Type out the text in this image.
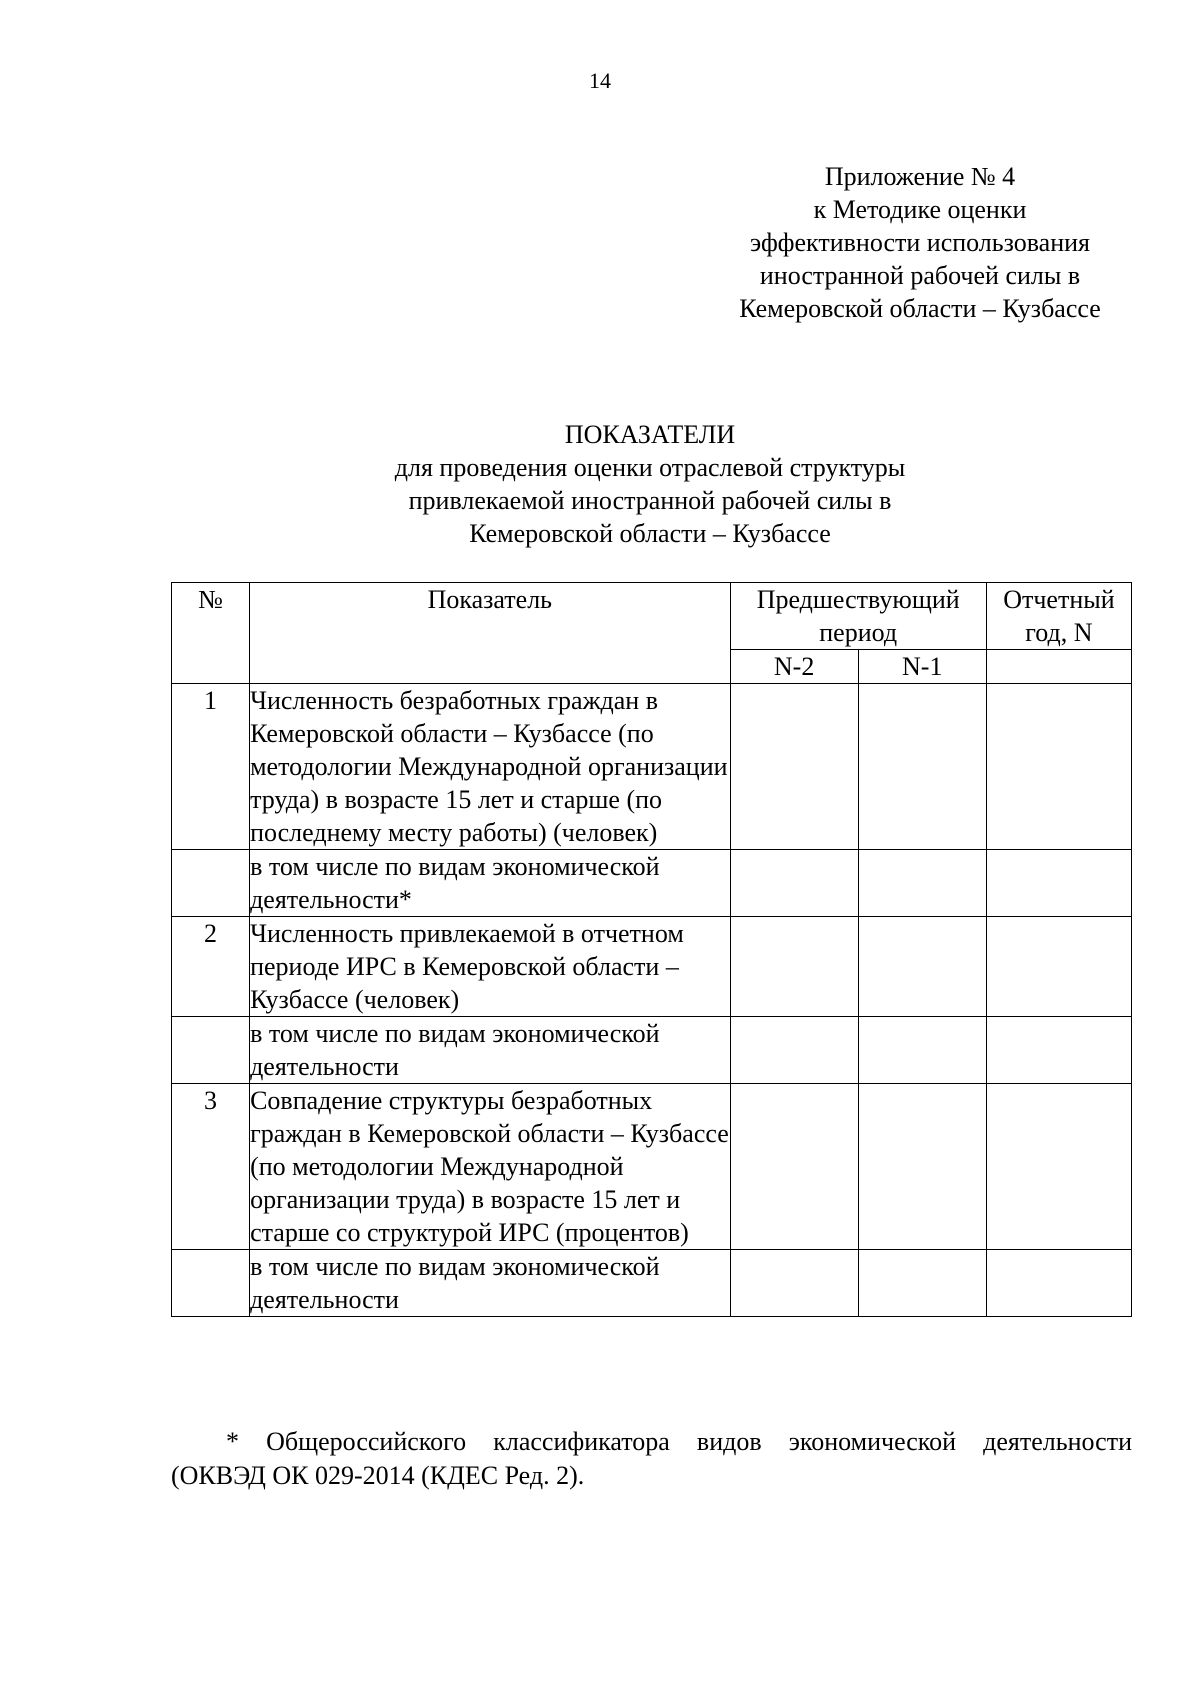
14
Приложение № 4
к Методике оценки
эффективности использования
иностранной рабочей силы в
Кемеровской области – Кузбассе
ПОКАЗАТЕЛИ
для проведения оценки отраслевой структуры
привлекаемой иностранной рабочей силы в
Кемеровской области – Кузбассе
№	Показатель	Предшествующий период		Отчетный год, N
		N-2	N-1	
1	Численность безработных граждан в Кемеровской области – Кузбассе (по методологии Международной организации труда) в возрасте 15 лет и старше (по последнему месту работы) (человек)			
	в том числе по видам экономической деятельности*			
2	Численность привлекаемой в отчетном периоде ИРС в Кемеровской области – Кузбассе (человек)			
	в том числе по видам экономической деятельности			
3	Совпадение структуры безработных граждан в Кемеровской области – Кузбассе (по методологии Международной организации труда) в возрасте 15 лет и старше со структурой ИРС (процентов)			
	в том числе по видам экономической деятельности			
* Общероссийского классификатора видов экономической деятельности
(ОКВЭД ОК 029-2014 (КДЕС Ред. 2).
